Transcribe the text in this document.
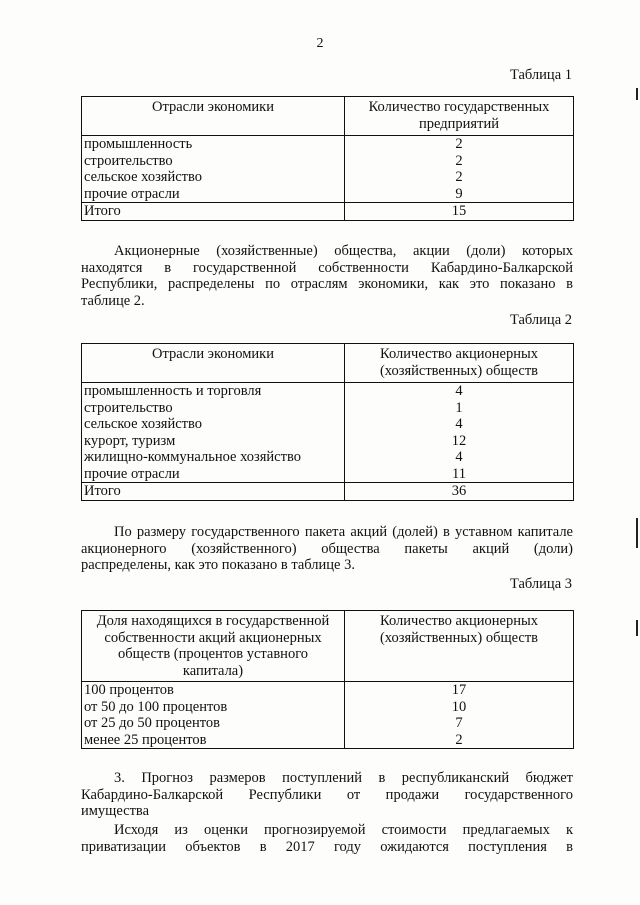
2
Таблица 1
Отрасли экономики	Количество государственных предприятий
промышленность	2
строительство	2
сельское хозяйство	2
прочие отрасли	9
Итого	15
Акционерные (хозяйственные) общества, акции (доли) которых
находятся в государственной собственности Кабардино-Балкарской
Республики, распределены по отраслям экономики, как это показано в
таблице 2.
Таблица 2
Отрасли экономики	Количество акционерных (хозяйственных) обществ
промышленность и торговля	4
строительство	1
сельское хозяйство	4
курорт, туризм	12
жилищно-коммунальное хозяйство	4
прочие отрасли	11
Итого	36
По размеру государственного пакета акций (долей) в уставном капитале
акционерного (хозяйственного) общества пакеты акций (доли)
распределены, как это показано в таблице 3.
Таблица 3
Доля находящихся в государственной собственности акций акционерных обществ (процентов уставного капитала)	Количество акционерных (хозяйственных) обществ
100 процентов	17
от 50 до 100 процентов	10
от 25 до 50 процентов	7
менее 25 процентов	2
3. Прогноз размеров поступлений в республиканский бюджет
Кабардино-Балкарской Республики от продажи государственного
имущества
Исходя из оценки прогнозируемой стоимости предлагаемых к
приватизации объектов в 2017 году ожидаются поступления в
